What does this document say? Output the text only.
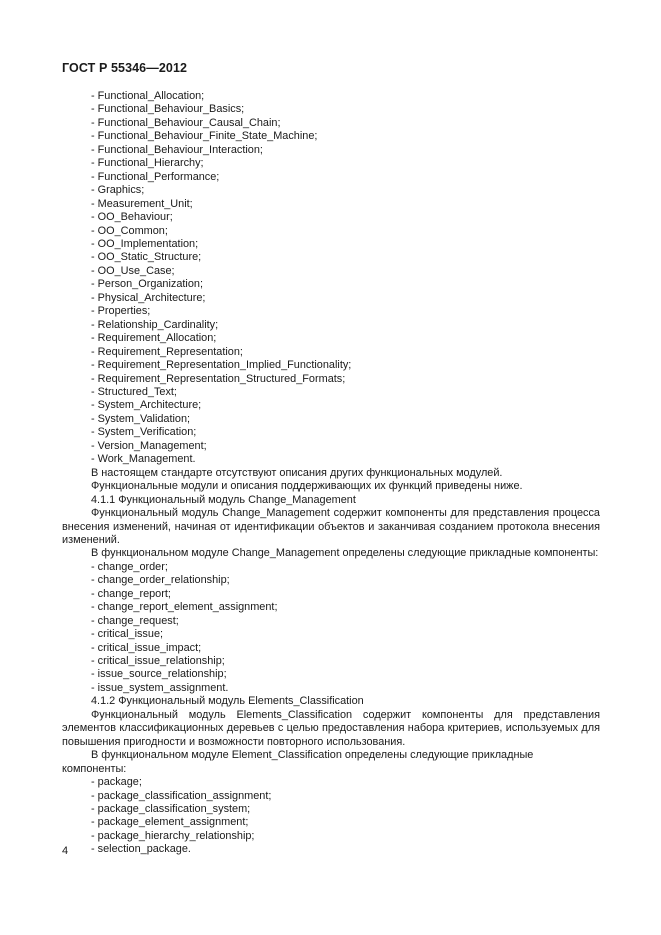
ГОСТ Р 55346—2012
- Functional_Allocation;
- Functional_Behaviour_Basics;
- Functional_Behaviour_Causal_Chain;
- Functional_Behaviour_Finite_State_Machine;
- Functional_Behaviour_Interaction;
- Functional_Hierarchy;
- Functional_Performance;
- Graphics;
- Measurement_Unit;
- OO_Behaviour;
- OO_Common;
- OO_Implementation;
- OO_Static_Structure;
- OO_Use_Case;
- Person_Organization;
- Physical_Architecture;
- Properties;
- Relationship_Cardinality;
- Requirement_Allocation;
- Requirement_Representation;
- Requirement_Representation_Implied_Functionality;
- Requirement_Representation_Structured_Formats;
- Structured_Text;
- System_Architecture;
- System_Validation;
- System_Verification;
- Version_Management;
- Work_Management.

В настоящем стандарте отсутствуют описания других функциональных модулей.

Функциональные модули и описания поддерживающих их функций приведены ниже.

4.1.1 Функциональный модуль Change_Management

Функциональный модуль Change_Management содержит компоненты для представления процесса внесения изменений, начиная от идентификации объектов и заканчивая созданием протокола внесения изменений.

В функциональном модуле Change_Management определены следующие прикладные компоненты:

- change_order;
- change_order_relationship;
- change_report;
- change_report_element_assignment;
- change_request;
- critical_issue;
- critical_issue_impact;
- critical_issue_relationship;
- issue_source_relationship;
- issue_system_assignment.

4.1.2 Функциональный модуль Elements_Classification

Функциональный модуль Elements_Classification содержит компоненты для представления элементов классификационных деревьев с целью предоставления набора критериев, используемых для повышения пригодности и возможности повторного использования.

В функциональном модуле Element_Classification определены следующие прикладные компоненты:

- package;
- package_classification_assignment;
- package_classification_system;
- package_element_assignment;
- package_hierarchy_relationship;
- selection_package.
4
